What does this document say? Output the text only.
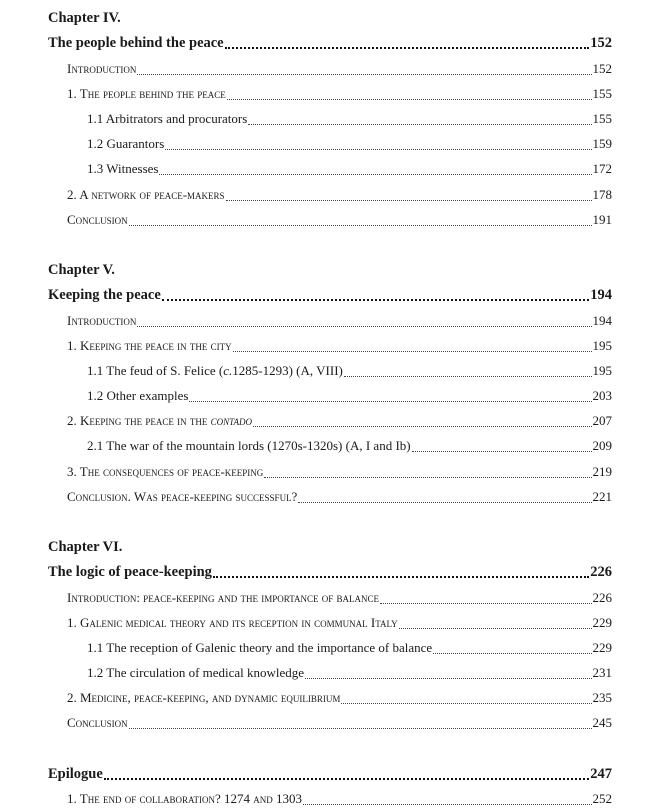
Chapter IV.
The people behind the peace	152
Introduction	152
1. The people behind the peace	155
1.1 Arbitrators and procurators	155
1.2 Guarantors	159
1.3 Witnesses	172
2. A network of peace-makers	178
Conclusion	191
Chapter V.
Keeping the peace	194
Introduction	194
1. Keeping the peace in the city	195
1.1 The feud of S. Felice (c.1285-1293) (A, VIII)	195
1.2 Other examples	203
2. Keeping the peace in the contado	207
2.1 The war of the mountain lords (1270s-1320s) (A, I and Ib)	209
3. The consequences of peace-keeping	219
Conclusion. Was peace-keeping successful?	221
Chapter VI.
The logic of peace-keeping	226
Introduction: peace-keeping and the importance of balance	226
1. Galenic medical theory and its reception in communal Italy	229
1.1 The reception of Galenic theory and the importance of balance	229
1.2 The circulation of medical knowledge	231
2. Medicine, peace-keeping, and dynamic equilibrium	235
Conclusion	245
Epilogue	247
1. The end of collaboration? 1274 and 1303	252
